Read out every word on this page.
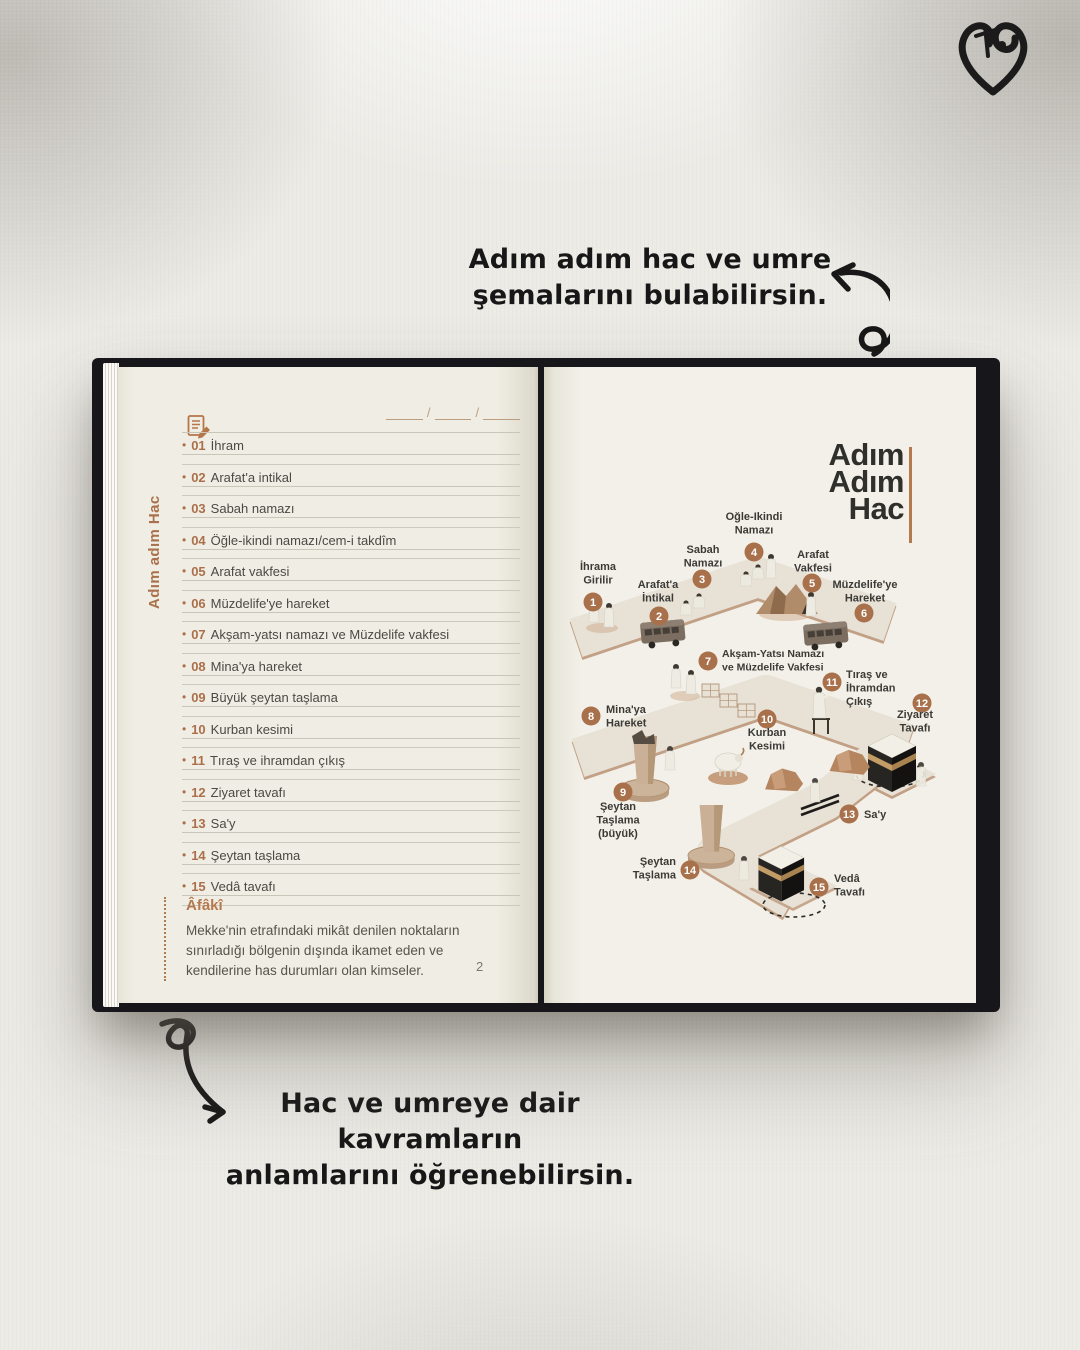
Adım adım hac ve umre
şemalarını bulabilirsin.
Hac ve umreye dair kavramların
anlamlarını öğrenebilirsin.
Adım adım Hac
/	/
• 01 İhram
• 02 Arafat'a intikal
• 03 Sabah namazı
• 04 Öğle-ikindi namazı/cem-i takdîm
• 05 Arafat vakfesi
• 06 Müzdelife'ye hareket
• 07 Akşam-yatsı namazı ve Müzdelife vakfesi
• 08 Mina'ya hareket
• 09 Büyük şeytan taşlama
• 10 Kurban kesimi
• 11 Tıraş ve ihramdan çıkış
• 12 Ziyaret tavafı
• 13 Sa'y
• 14 Şeytan taşlama
• 15 Vedâ tavafı

Âfâkî

Mekke'nin etrafındaki mikât denilen noktaların sınırladığı bölgenin dışında ikamet eden ve kendilerine has durumları olan kimseler.	2
Adım
Adım
Hac
1
İhrama Girilir
2
Arafat'a İntikal
3
Sabah Namazı
4
Öğle-İkindi Namazı
5
Arafat Vakfesi
6
Müzdelife'ye Hareket
7
Akşam-Yatsı Namazı ve Müzdelife Vakfesi
8
Mina'ya Hareket
9
Şeytan Taşlama (büyük)
10
Kurban Kesimi
11
Tıraş ve İhramdan Çıkış	12
Ziyaret Tavafı
13 Sa'y
14
Şeytan Taşlama
15
Vedâ Tavafı
